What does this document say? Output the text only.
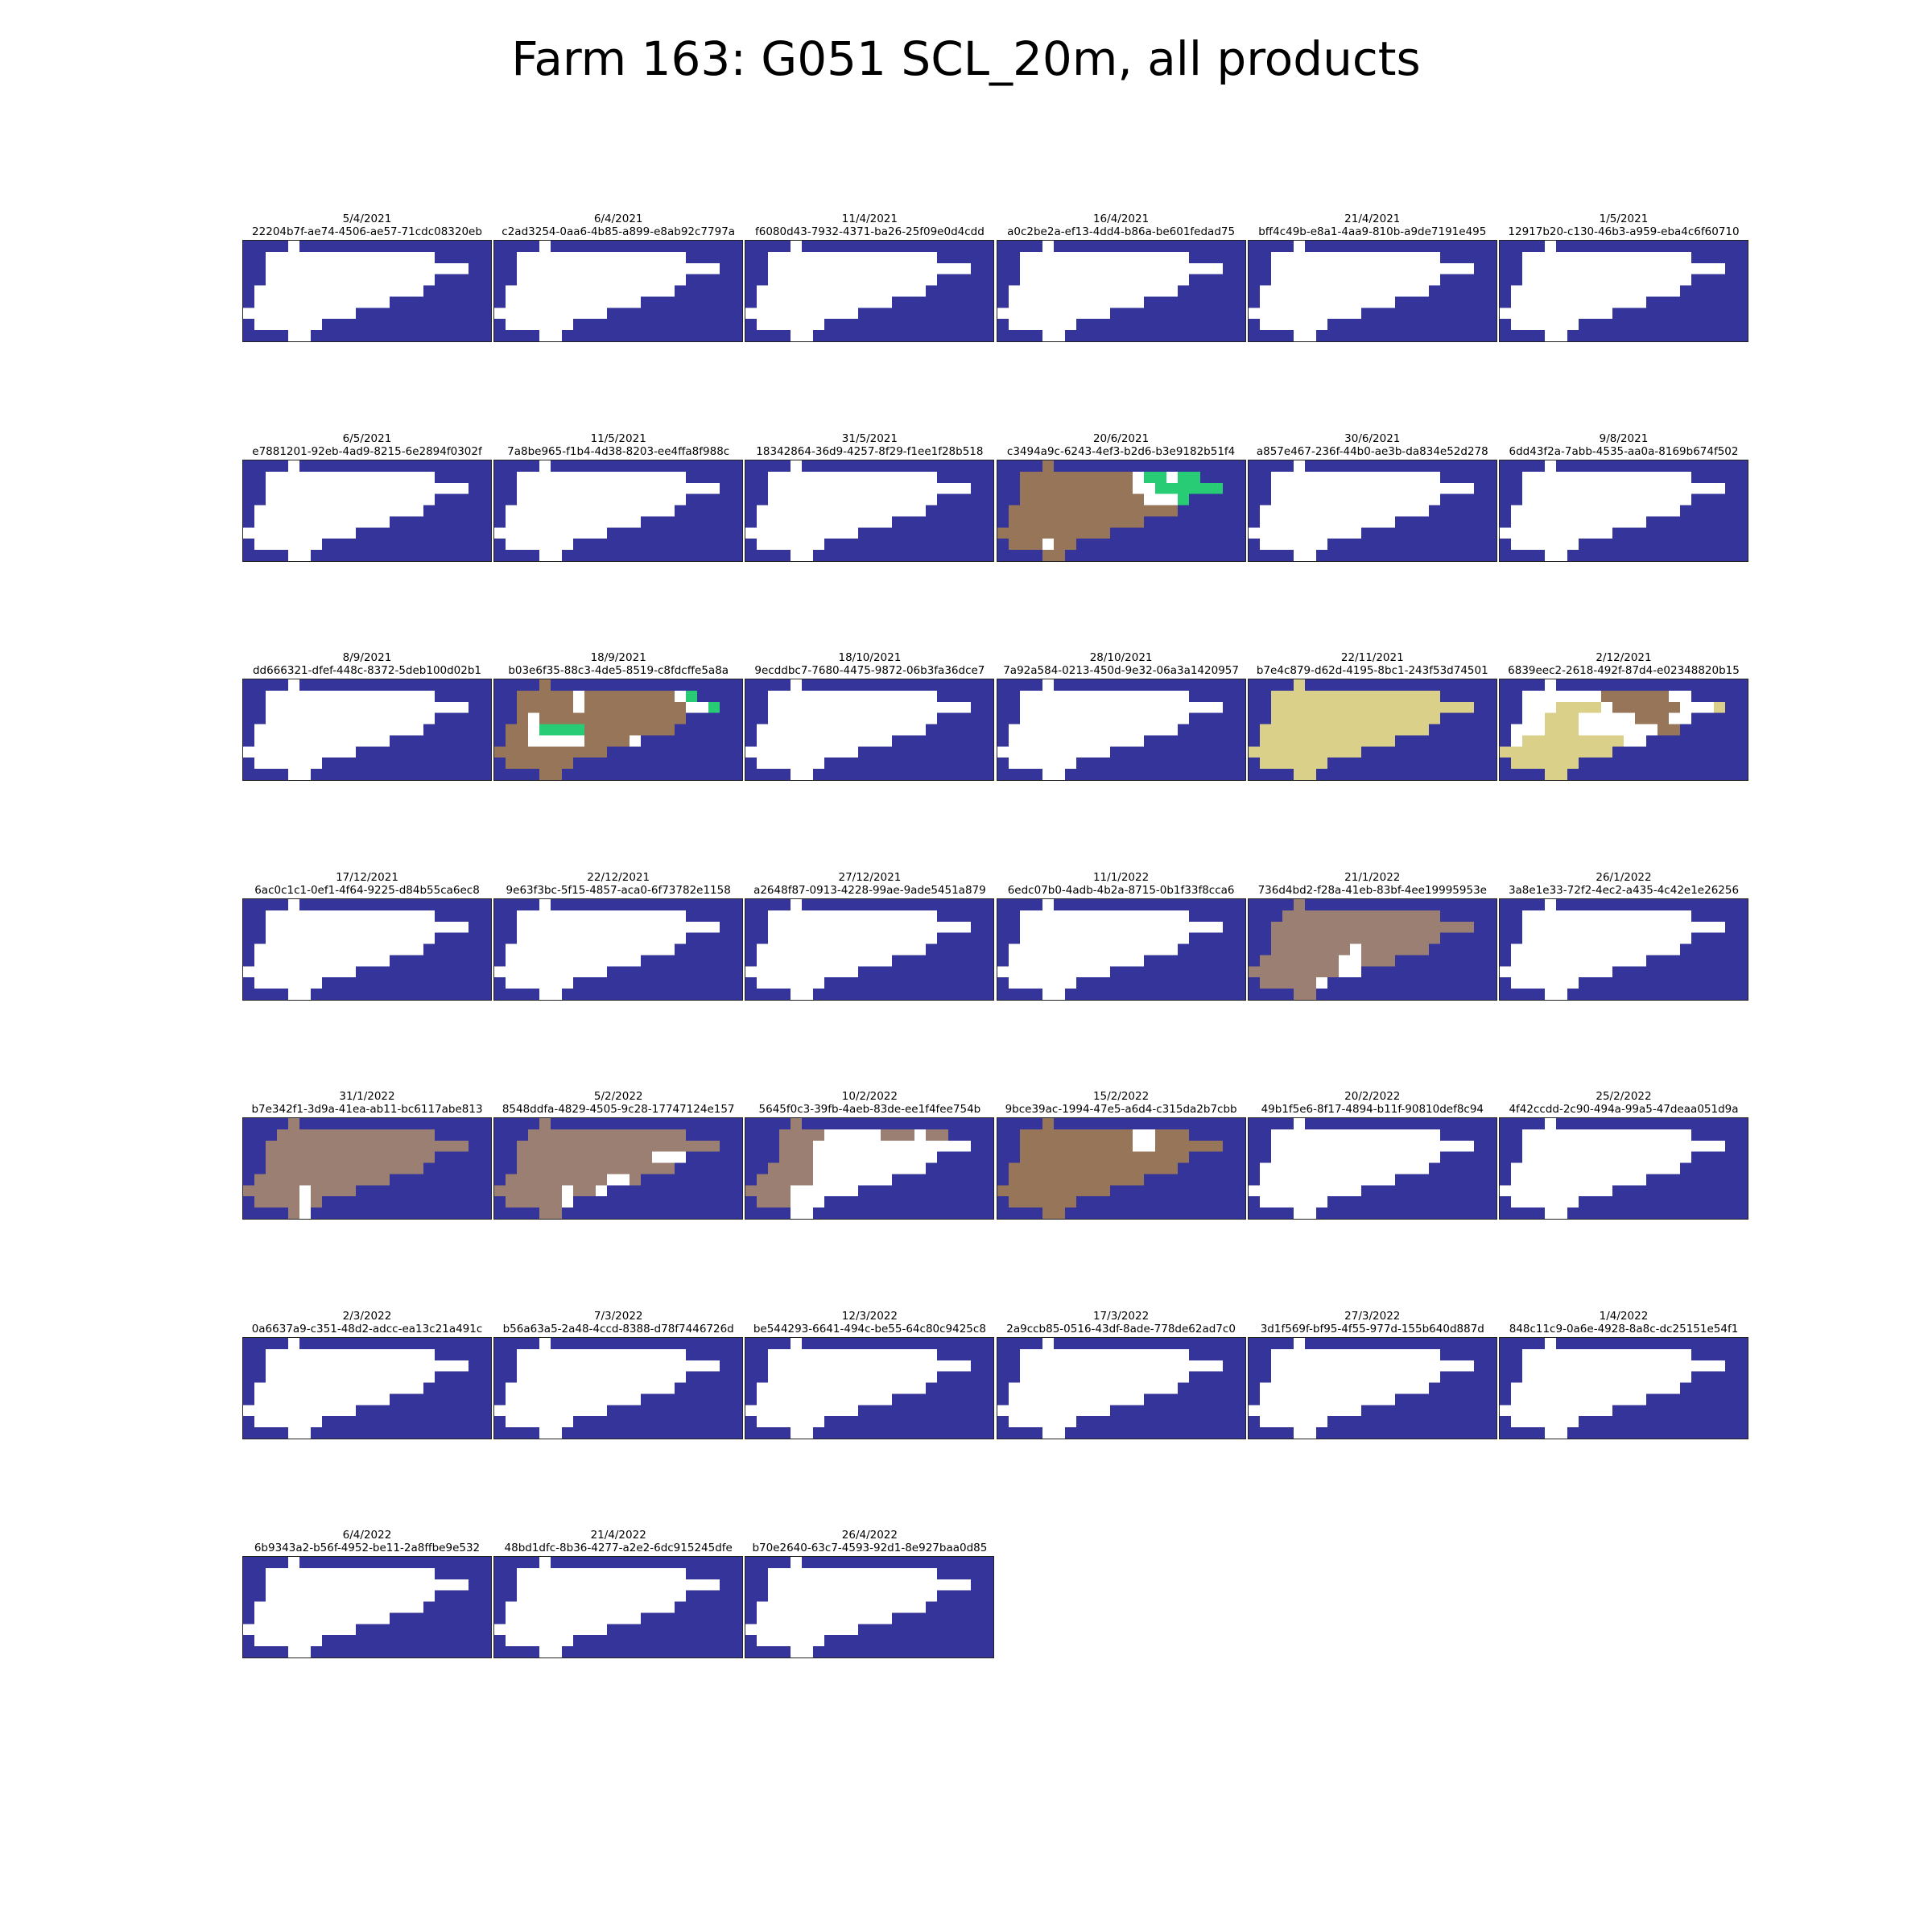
Farm 163: G051 SCL_20m, all products
5/4/2021
22204b7f-ae74-4506-ae57-71cdc08320eb
6/4/2021
c2ad3254-0aa6-4b85-a899-e8ab92c7797a
11/4/2021
f6080d43-7932-4371-ba26-25f09e0d4cdd
16/4/2021
a0c2be2a-ef13-4dd4-b86a-be601fedad75
21/4/2021
bff4c49b-e8a1-4aa9-810b-a9de7191e495
1/5/2021
12917b20-c130-46b3-a959-eba4c6f60710
6/5/2021
e7881201-92eb-4ad9-8215-6e2894f0302f
11/5/2021
7a8be965-f1b4-4d38-8203-ee4ffa8f988c
31/5/2021
18342864-36d9-4257-8f29-f1ee1f28b518
20/6/2021
c3494a9c-6243-4ef3-b2d6-b3e9182b51f4
30/6/2021
a857e467-236f-44b0-ae3b-da834e52d278
9/8/2021
6dd43f2a-7abb-4535-aa0a-8169b674f502
8/9/2021
dd666321-dfef-448c-8372-5deb100d02b1
18/9/2021
b03e6f35-88c3-4de5-8519-c8fdcffe5a8a
18/10/2021
9ecddbc7-7680-4475-9872-06b3fa36dce7
28/10/2021
7a92a584-0213-450d-9e32-06a3a1420957
22/11/2021
b7e4c879-d62d-4195-8bc1-243f53d74501
2/12/2021
6839eec2-2618-492f-87d4-e02348820b15
17/12/2021
6ac0c1c1-0ef1-4f64-9225-d84b55ca6ec8
22/12/2021
9e63f3bc-5f15-4857-aca0-6f73782e1158
27/12/2021
a2648f87-0913-4228-99ae-9ade5451a879
11/1/2022
6edc07b0-4adb-4b2a-8715-0b1f33f8cca6
21/1/2022
736d4bd2-f28a-41eb-83bf-4ee19995953e
26/1/2022
3a8e1e33-72f2-4ec2-a435-4c42e1e26256
31/1/2022
b7e342f1-3d9a-41ea-ab11-bc6117abe813
5/2/2022
8548ddfa-4829-4505-9c28-17747124e157
10/2/2022
5645f0c3-39fb-4aeb-83de-ee1f4fee754b
15/2/2022
9bce39ac-1994-47e5-a6d4-c315da2b7cbb
20/2/2022
49b1f5e6-8f17-4894-b11f-90810def8c94
25/2/2022
4f42ccdd-2c90-494a-99a5-47deaa051d9a
2/3/2022
0a6637a9-c351-48d2-adcc-ea13c21a491c
7/3/2022
b56a63a5-2a48-4ccd-8388-d78f7446726d
12/3/2022
be544293-6641-494c-be55-64c80c9425c8
17/3/2022
2a9ccb85-0516-43df-8ade-778de62ad7c0
27/3/2022
3d1f569f-bf95-4f55-977d-155b640d887d
1/4/2022
848c11c9-0a6e-4928-8a8c-dc25151e54f1
6/4/2022
6b9343a2-b56f-4952-be11-2a8ffbe9e532
21/4/2022
48bd1dfc-8b36-4277-a2e2-6dc915245dfe
26/4/2022
b70e2640-63c7-4593-92d1-8e927baa0d85
